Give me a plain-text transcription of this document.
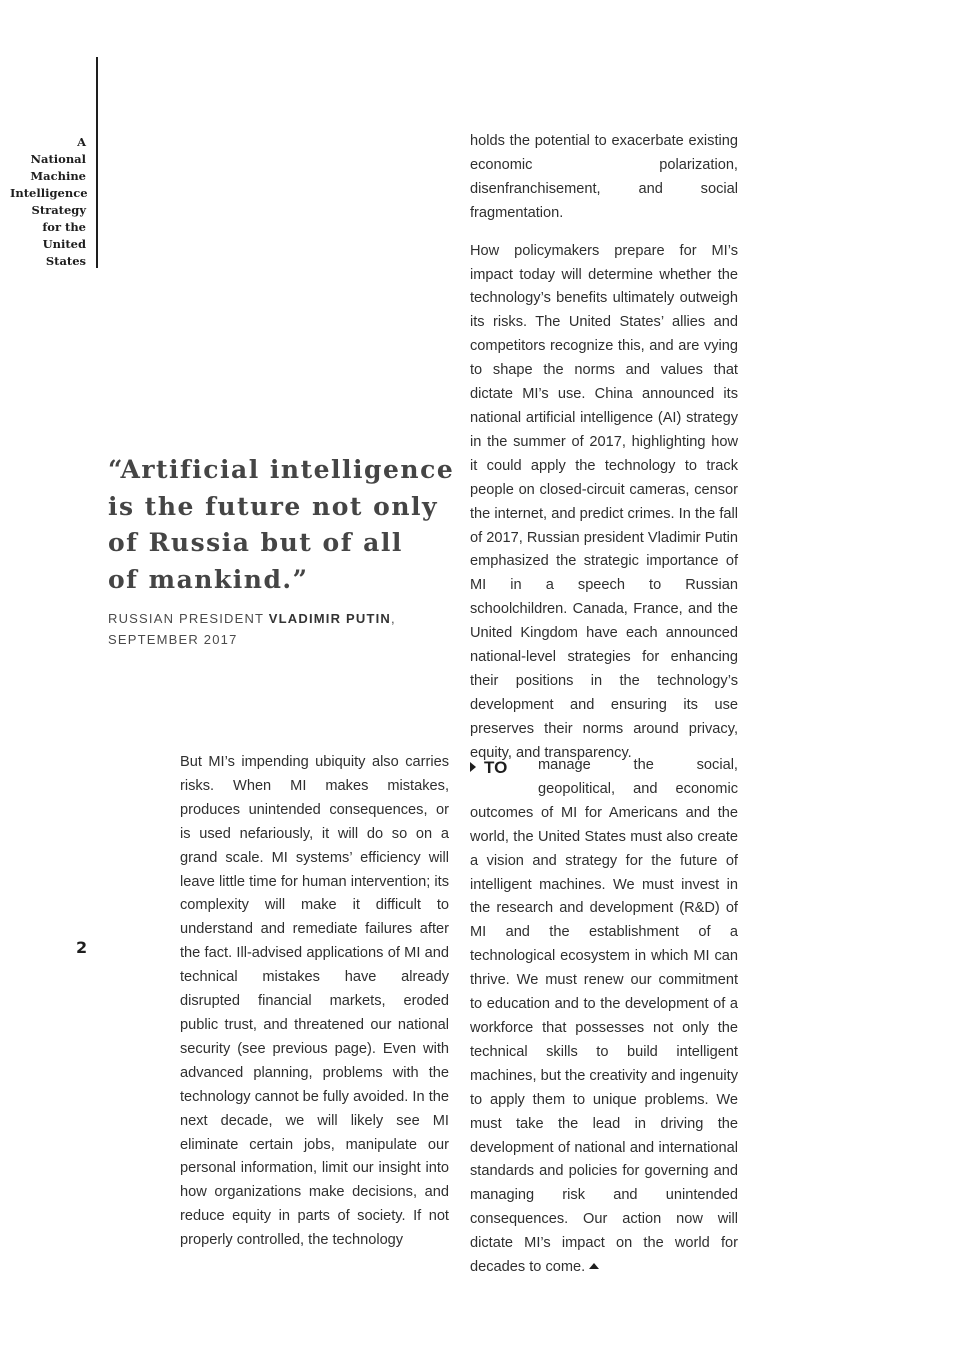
A
National
Machine
Intelligence
Strategy
for the
United
States
2
“Artificial intelligence
is the future not only
of Russia but of all
of mankind.”
RUSSIAN PRESIDENT VLADIMIR PUTIN,
SEPTEMBER 2017

holds the potential to exacerbate existing economic polarization, disenfranchisement, and social fragmentation.

How policymakers prepare for MI’s impact today will determine whether the technology’s benefits ultimately outweigh its risks. The United States’ allies and competitors recognize this, and are vying to shape the norms and values that dictate MI’s use. China announced its national artificial intelligence (AI) strategy in the summer of 2017, highlighting how it could apply the technology to track people on closed-circuit cameras, censor the internet, and predict crimes. In the fall of 2017, Russian president Vladimir Putin emphasized the strategic importance of MI in a speech to Russian schoolchildren. Canada, France, and the United Kingdom have each announced national-level strategies for enhancing their positions in the technology’s development and ensuring its use preserves their norms around privacy, equity, and transparency.

But MI’s impending ubiquity also carries risks. When MI makes mistakes, produces unintended consequences, or is used nefariously, it will do so on a grand scale. MI systems’ efficiency will leave little time for human intervention; its complexity will make it difficult to understand and remediate failures after the fact. Ill-advised applications of MI and technical mistakes have already disrupted financial markets, eroded public trust, and threatened our national security (see previous page). Even with advanced planning, problems with the technology cannot be fully avoided. In the next decade, we will likely see MI eliminate certain jobs, manipulate our personal information, limit our insight into how organizations make decisions, and reduce equity in parts of society. If not properly controlled, the technology

TO	manage the social, geopolitical, and economic outcomes of MI for Americans and the world, the United States must also create a vision and strategy for the future of intelligent machines. We must invest in the research and development (R&D) of MI and the establishment of a technological ecosystem in which MI can thrive. We must renew our commitment to education and to the development of a workforce that possesses not only the technical skills to build intelligent machines, but the creativity and ingenuity to apply them to unique problems. We must take the lead in driving the development of national and international standards and policies for governing and managing risk and unintended consequences. Our action now will dictate MI’s impact on the world for decades to come.
